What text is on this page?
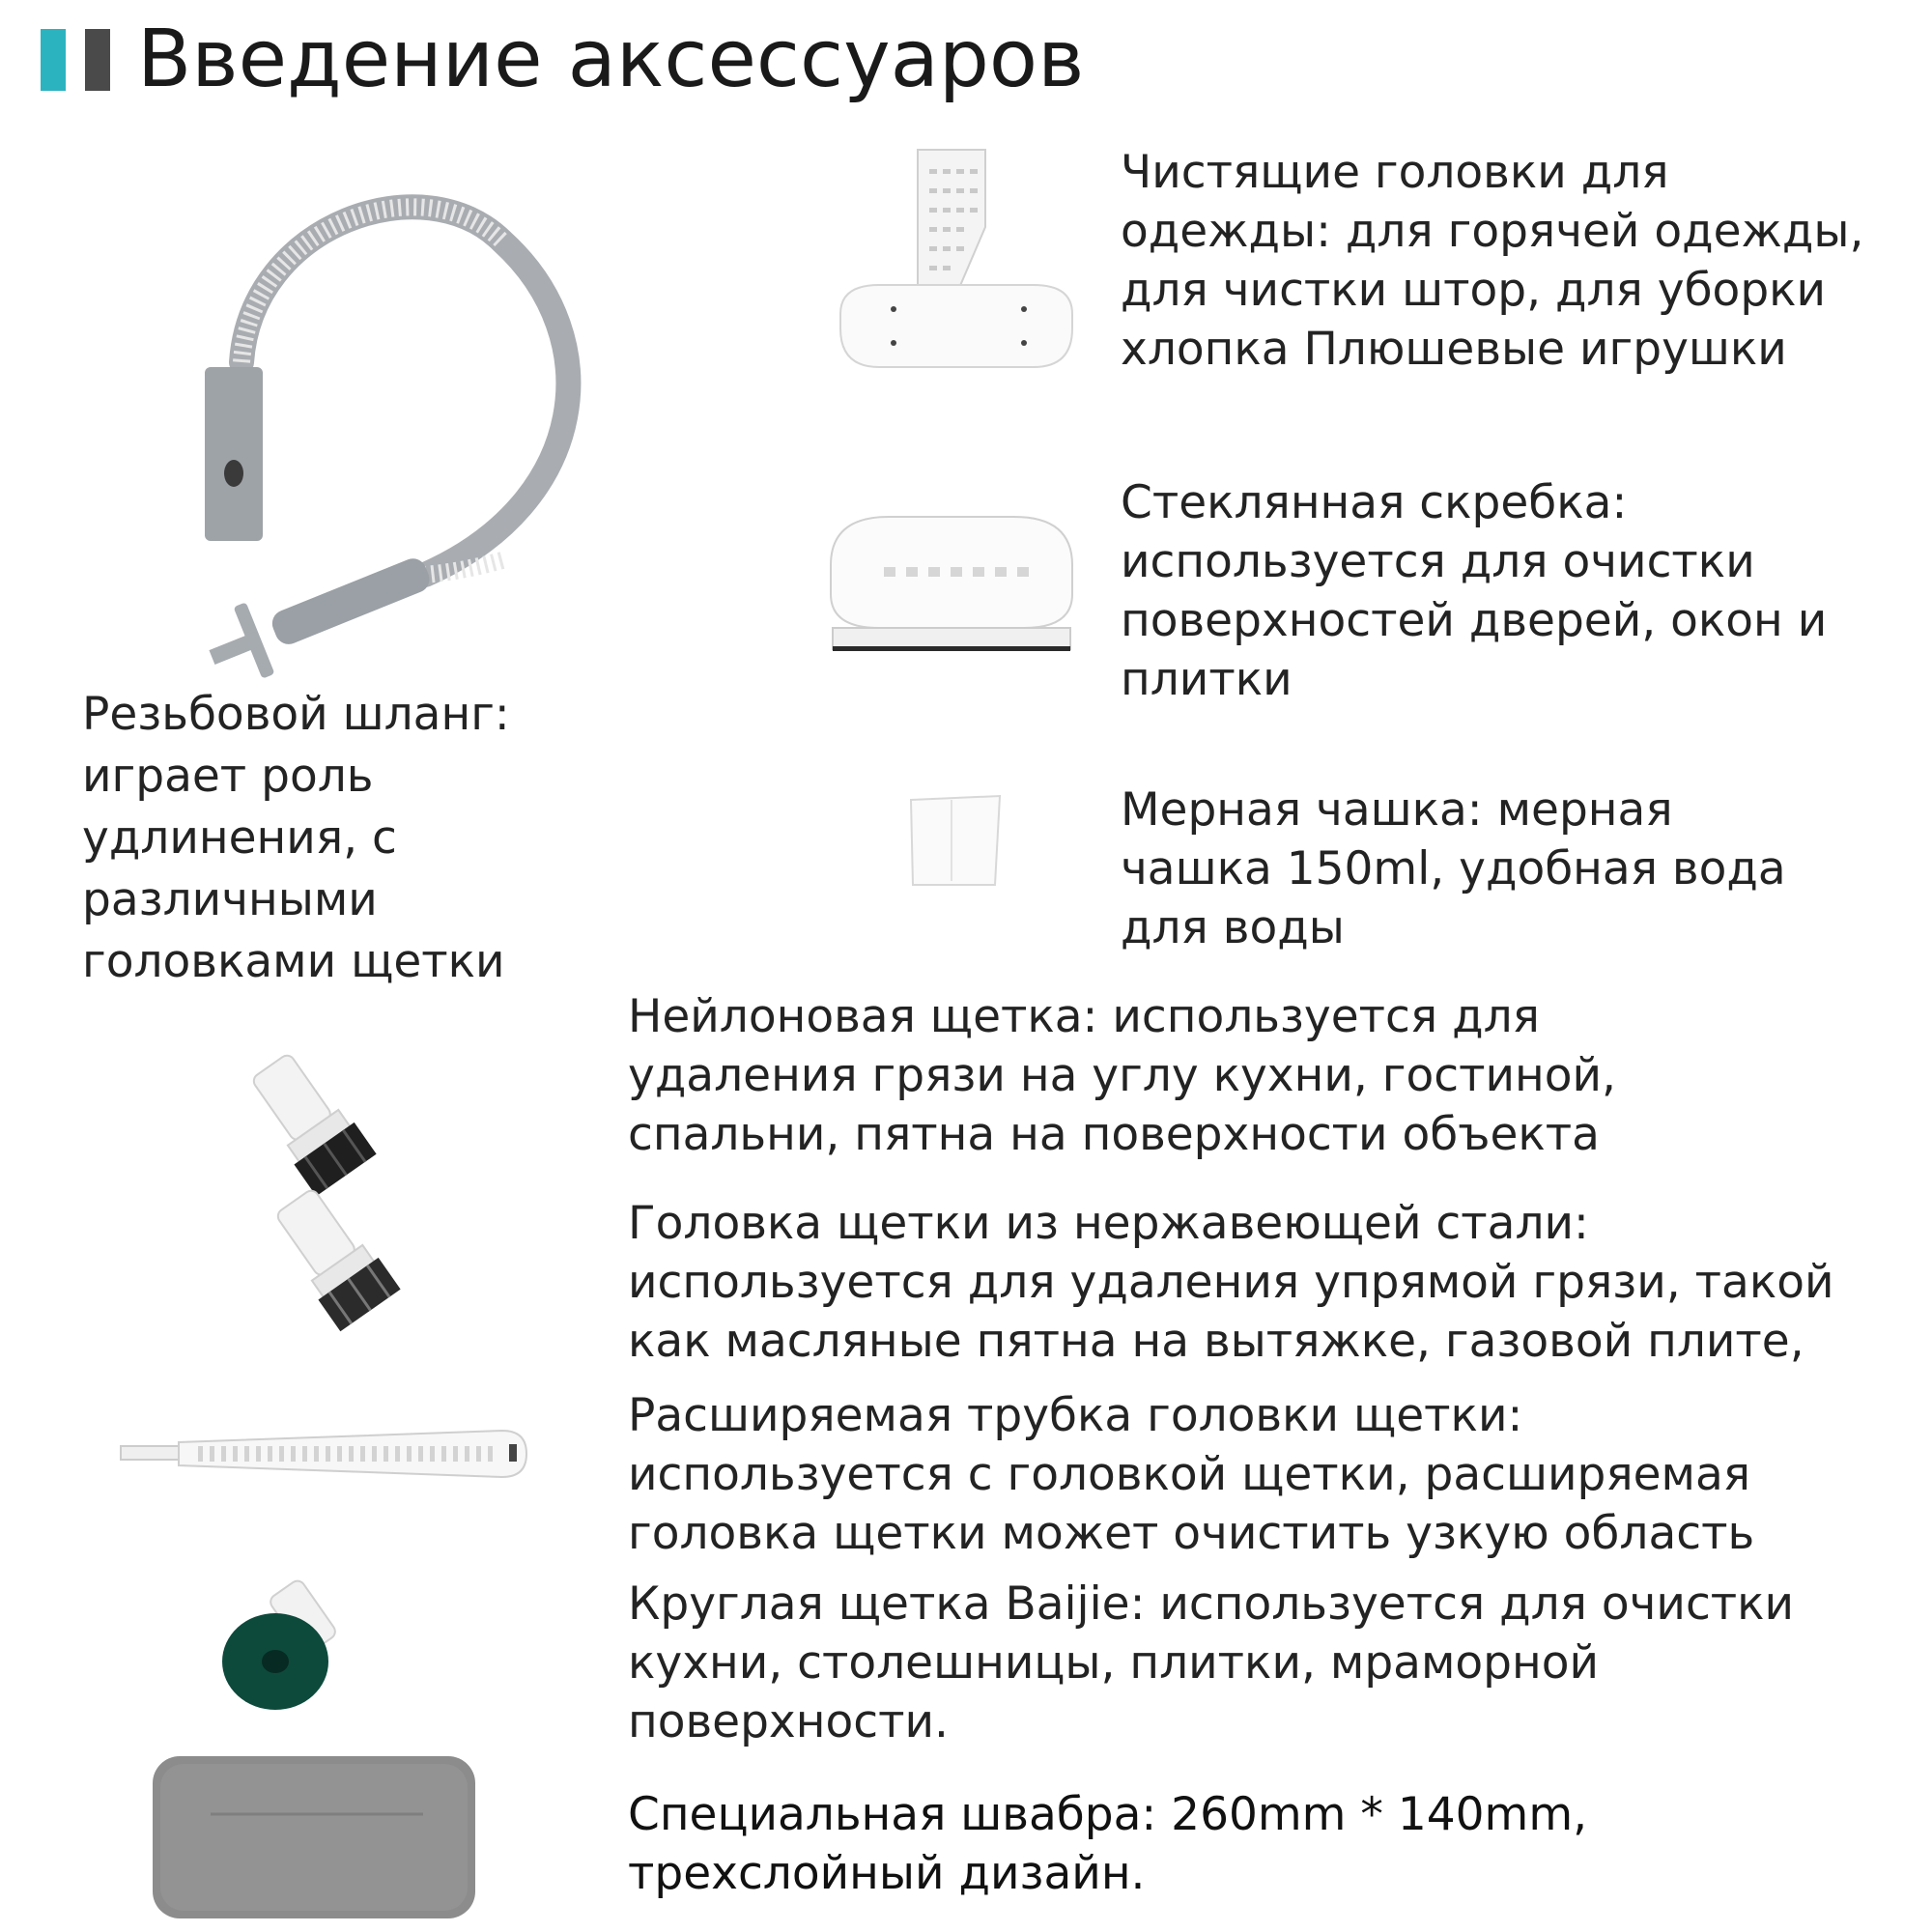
Введение аксессуаров
Чистящие головки для
одежды: для горячей одежды,
для чистки штор, для уборки
хлопка Плюшевые игрушки
Стеклянная скребка:
используется для очистки
поверхностей дверей, окон и
плитки
Мерная чашка: мерная
чашка 150ml, удобная вода
для воды
Резьбовой шланг:
играет роль
удлинения, с
различными
головками щетки
Нейлоновая щетка: используется для
удаления грязи на углу кухни, гостиной,
спальни, пятна на поверхности объекта
Головка щетки из нержавеющей стали:
используется для удаления упрямой грязи, такой
как масляные пятна на вытяжке, газовой плите,
Расширяемая трубка головки щетки:
используется с головкой щетки, расширяемая
головка щетки может очистить узкую область
Круглая щетка Baijie: используется для очистки
кухни, столешницы, плитки, мраморной
поверхности.
Специальная швабра: 260mm * 140mm,
трехслойный дизайн.
